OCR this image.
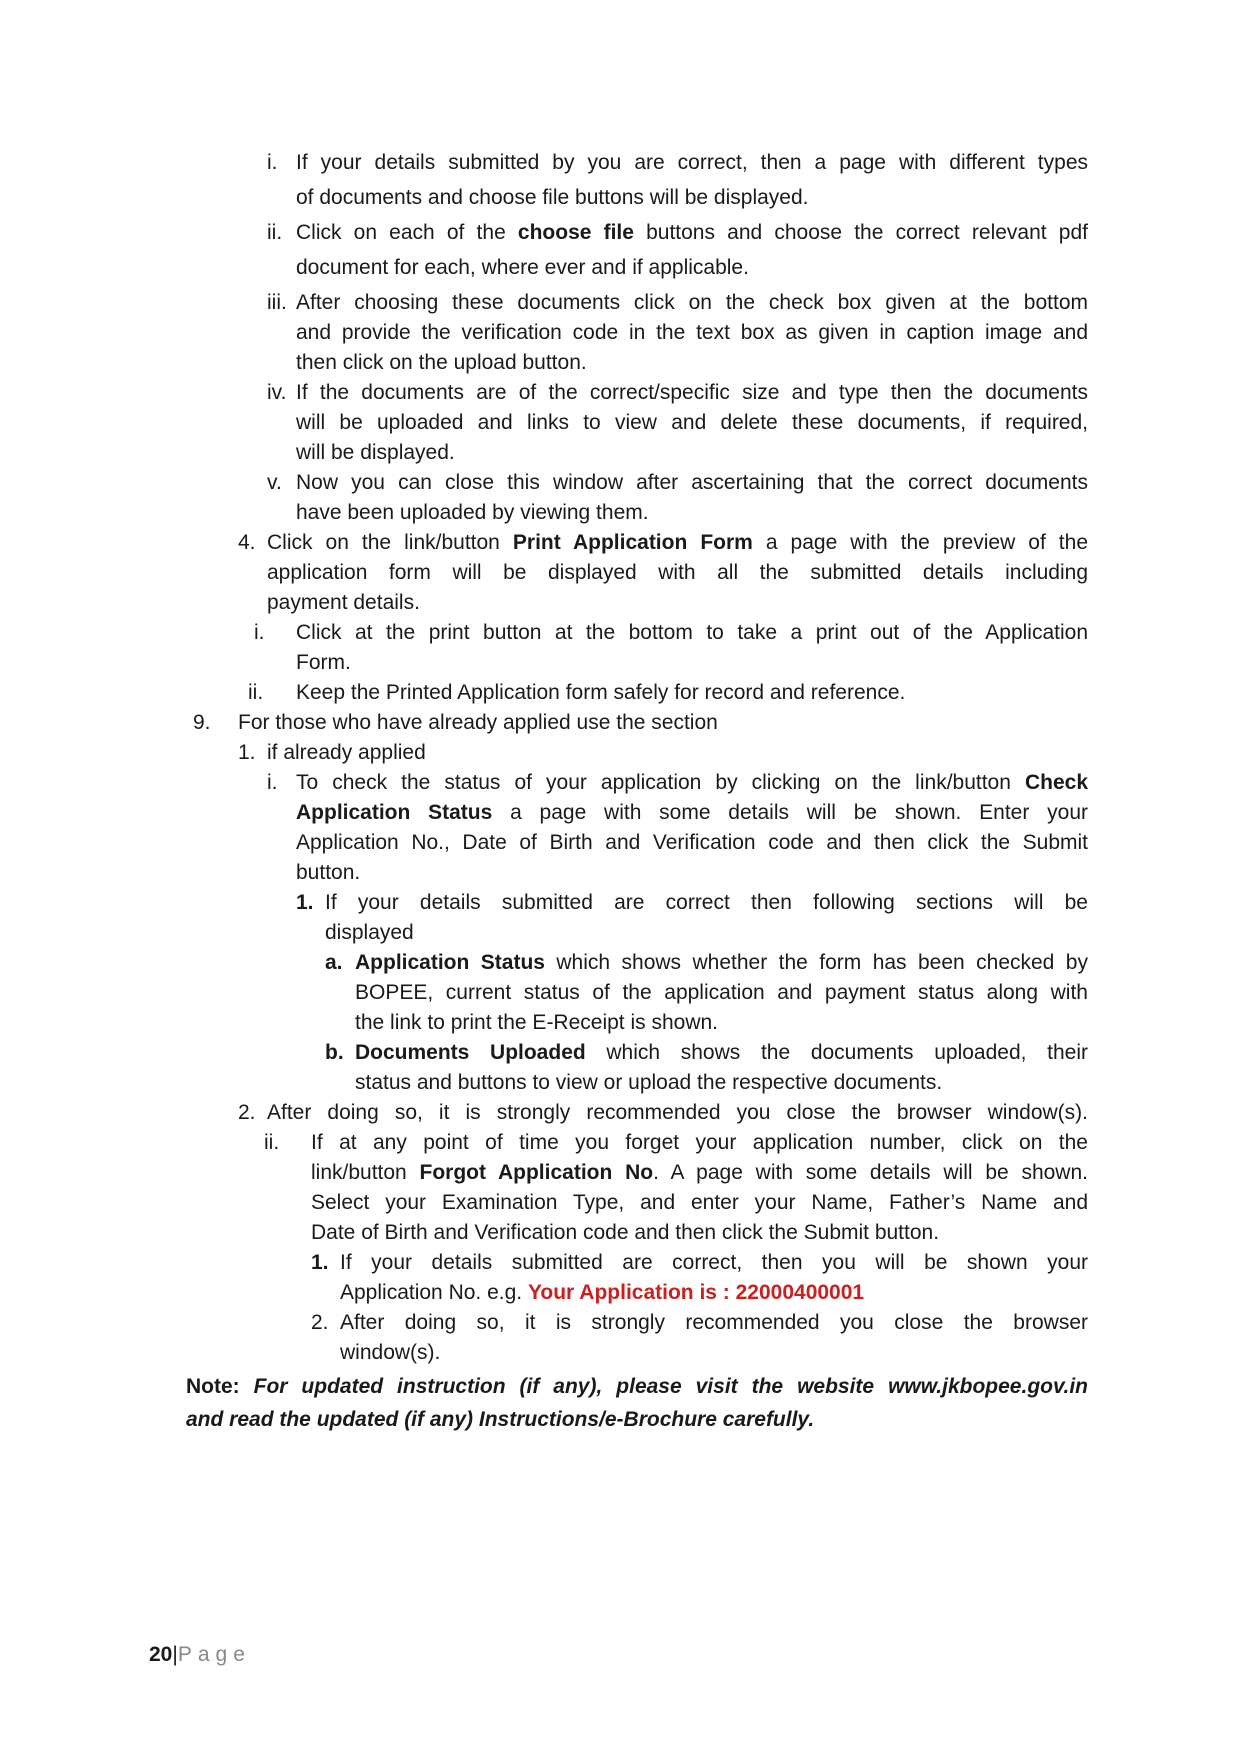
i. If your details submitted by you are correct, then a page with different types
of documents and choose file buttons will be displayed.
ii. Click on each of the choose file buttons and choose the correct relevant pdf
document for each, where ever and if applicable.
iii. After choosing these documents click on the check box given at the bottom
and provide the verification code in the text box as given in caption image and
then click on the upload button.
iv. If the documents are of the correct/specific size and type then the documents
will be uploaded and links to view and delete these documents, if required,
will be displayed.
v. Now you can close this window after ascertaining that the correct documents
have been uploaded by viewing them.
4. Click on the link/button Print Application Form a page with the preview of the
application form will be displayed with all the submitted details including
payment details.
i. Click at the print button at the bottom to take a print out of the Application
Form.
ii. Keep the Printed Application form safely for record and reference.
9. For those who have already applied use the section
1. if already applied
i. To check the status of your application by clicking on the link/button Check
Application Status a page with some details will be shown. Enter your
Application No., Date of Birth and Verification code and then click the Submit
button.
1. If your details submitted are correct then following sections will be
displayed
a. Application Status which shows whether the form has been checked by
BOPEE, current status of the application and payment status along with
the link to print the E-Receipt is shown.
b. Documents Uploaded which shows the documents uploaded, their
status and buttons to view or upload the respective documents.
2. After doing so, it is strongly recommended you close the browser window(s).
ii. If at any point of time you forget your application number, click on the
link/button Forgot Application No. A page with some details will be shown.
Select your Examination Type, and enter your Name, Father’s Name and
Date of Birth and Verification code and then click the Submit button.
1. If your details submitted are correct, then you will be shown your
Application No. e.g. Your Application is : 22000400001
2. After doing so, it is strongly recommended you close the browser
window(s).
Note: For updated instruction (if any), please visit the website www.jkbopee.gov.in
and read the updated (if any) Instructions/e-Brochure carefully.
20|Page
